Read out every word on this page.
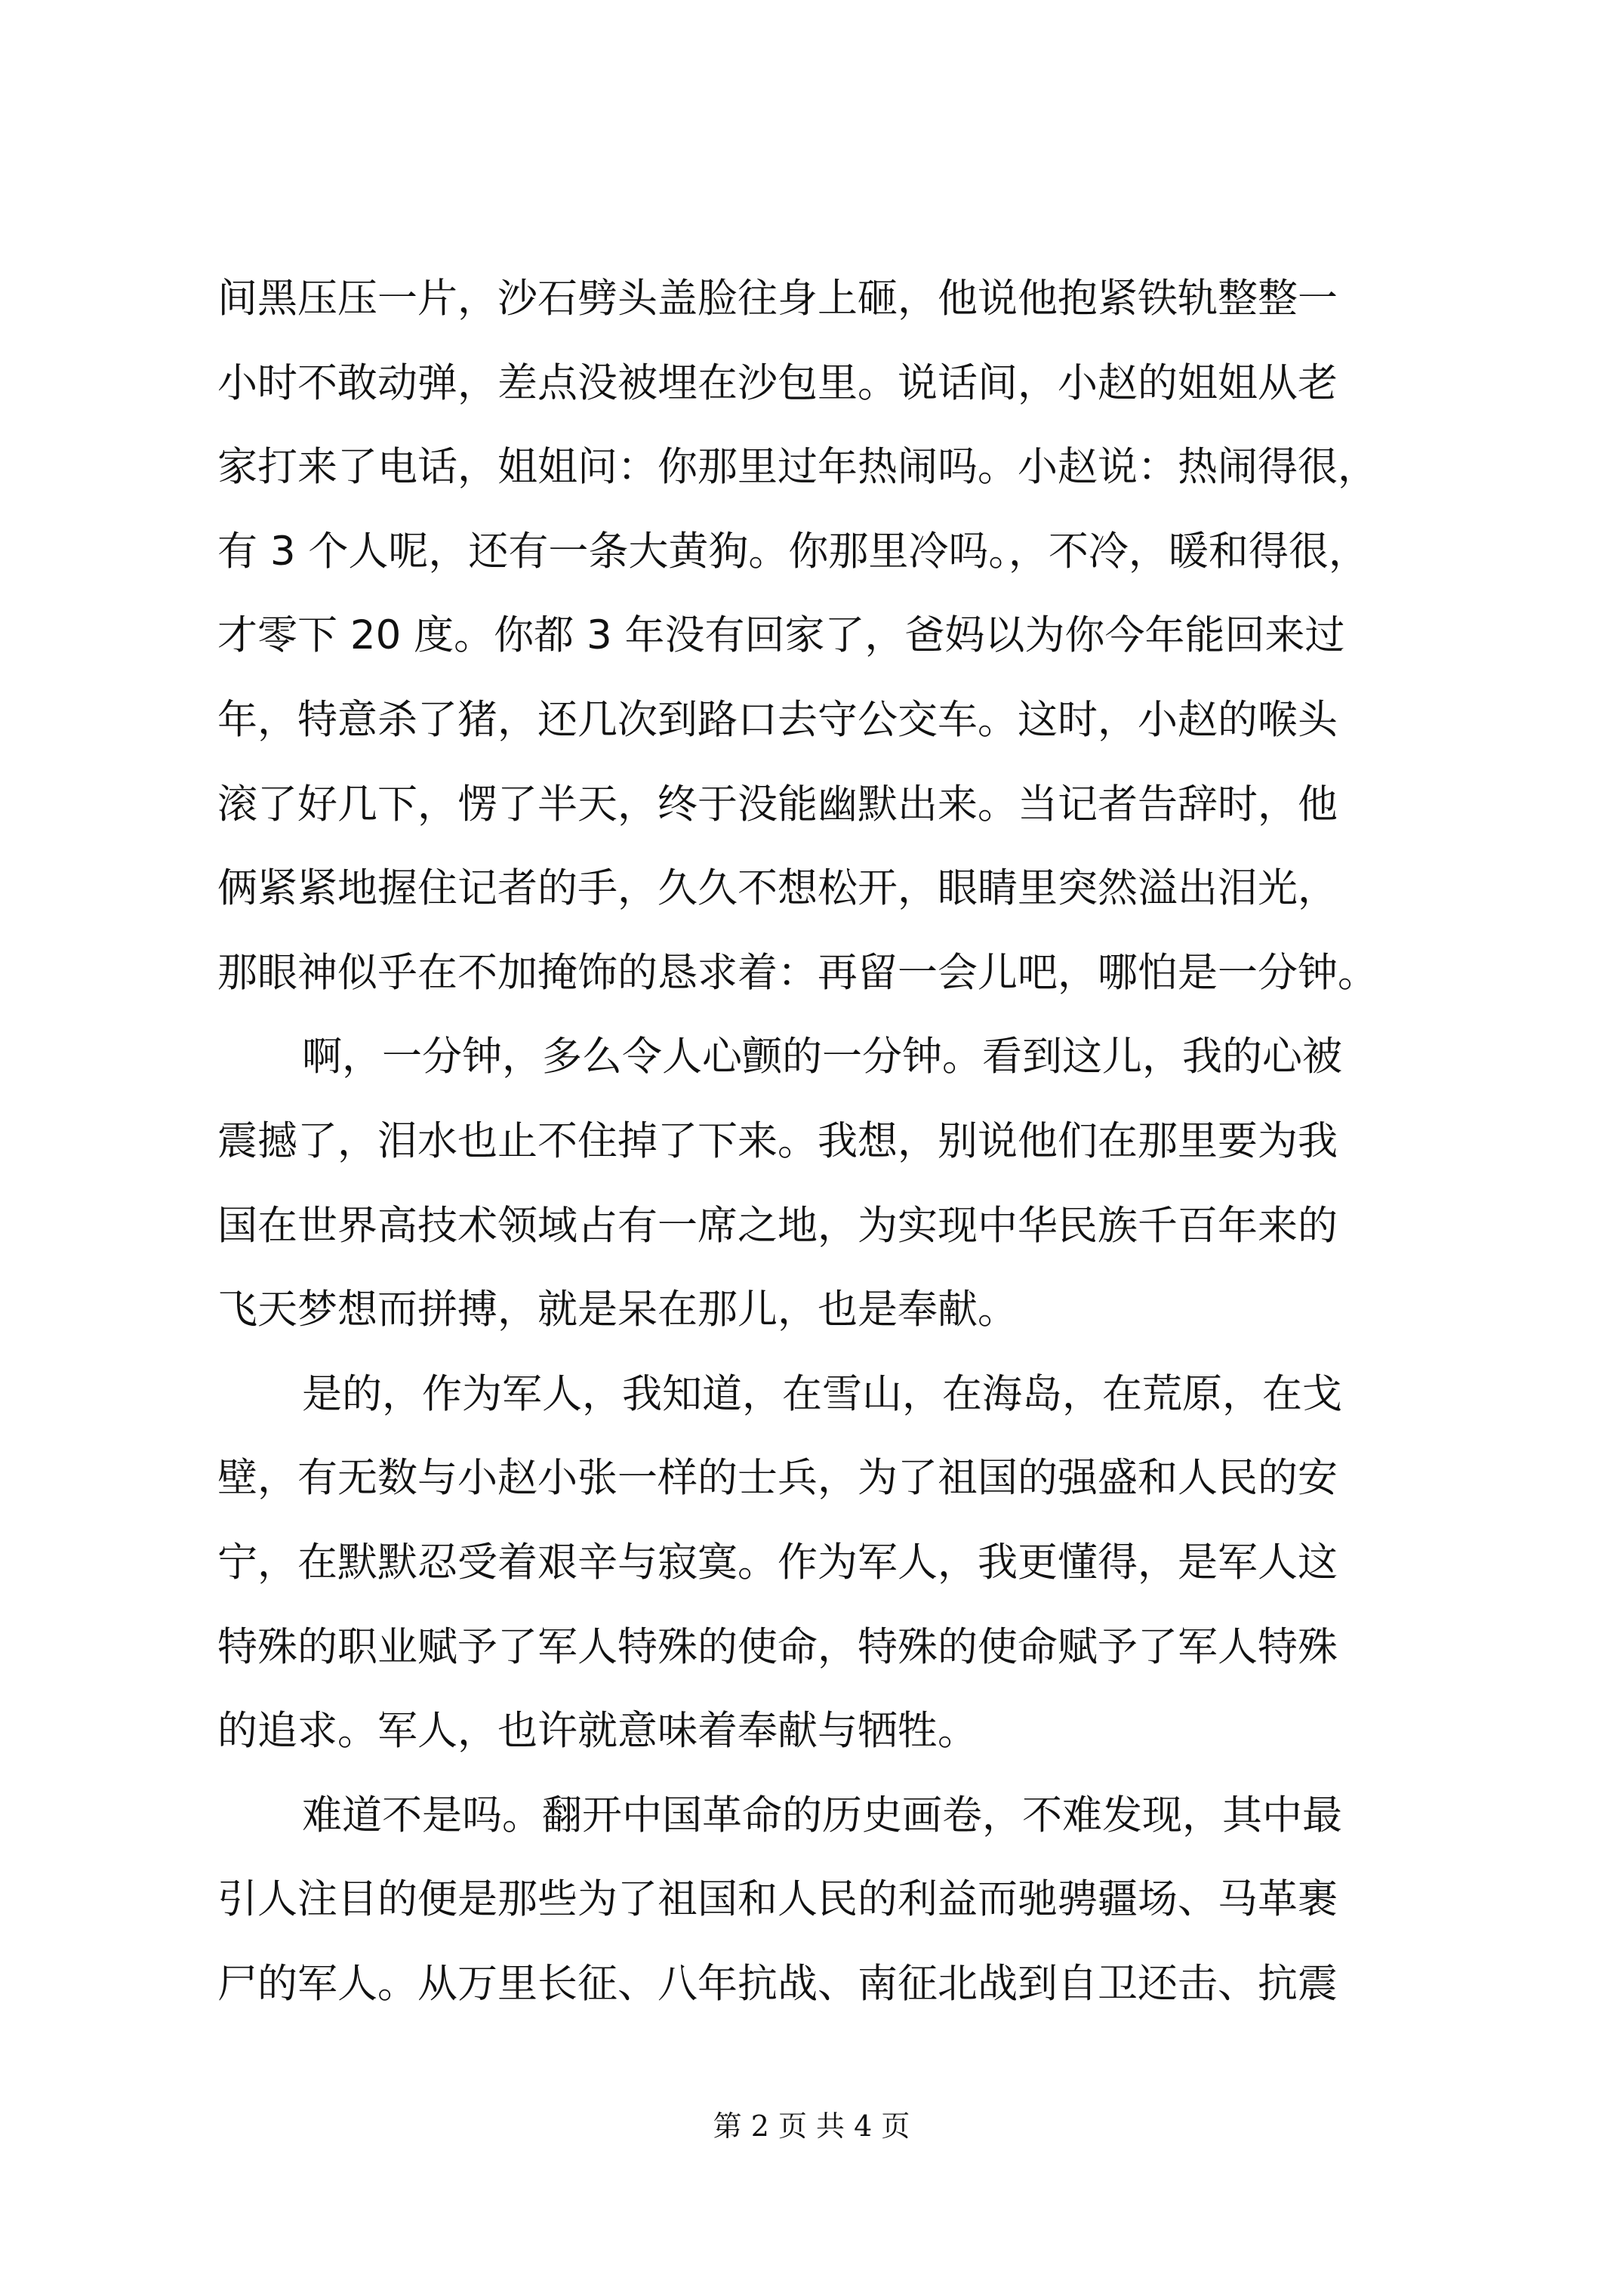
间黑压压一片，沙石劈头盖脸往身上砸，他说他抱紧铁轨整整一
小时不敢动弹，差点没被埋在沙包里。说话间，小赵的姐姐从老
家打来了电话，姐姐问：你那里过年热闹吗。小赵说：热闹得很，
有 3 个人呢，还有一条大黄狗。你那里冷吗。，不冷，暖和得很，
才零下 20 度。你都 3 年没有回家了，爸妈以为你今年能回来过
年，特意杀了猪，还几次到路口去守公交车。这时，小赵的喉头
滚了好几下，愣了半天，终于没能幽默出来。当记者告辞时，他
俩紧紧地握住记者的手，久久不想松开，眼睛里突然溢出泪光，
那眼神似乎在不加掩饰的恳求着：再留一会儿吧，哪怕是一分钟。
啊，一分钟，多么令人心颤的一分钟。看到这儿，我的心被
震撼了，泪水也止不住掉了下来。我想，别说他们在那里要为我
国在世界高技术领域占有一席之地，为实现中华民族千百年来的
飞天梦想而拼搏，就是呆在那儿，也是奉献。
是的，作为军人，我知道，在雪山，在海岛，在荒原，在戈
壁，有无数与小赵小张一样的士兵，为了祖国的强盛和人民的安
宁，在默默忍受着艰辛与寂寞。作为军人，我更懂得，是军人这
特殊的职业赋予了军人特殊的使命，特殊的使命赋予了军人特殊
的追求。军人，也许就意味着奉献与牺牲。
难道不是吗。翻开中国革命的历史画卷，不难发现，其中最
引人注目的便是那些为了祖国和人民的利益而驰骋疆场、马革裹
尸的军人。从万里长征、八年抗战、南征北战到自卫还击、抗震
第 2 页 共 4 页
